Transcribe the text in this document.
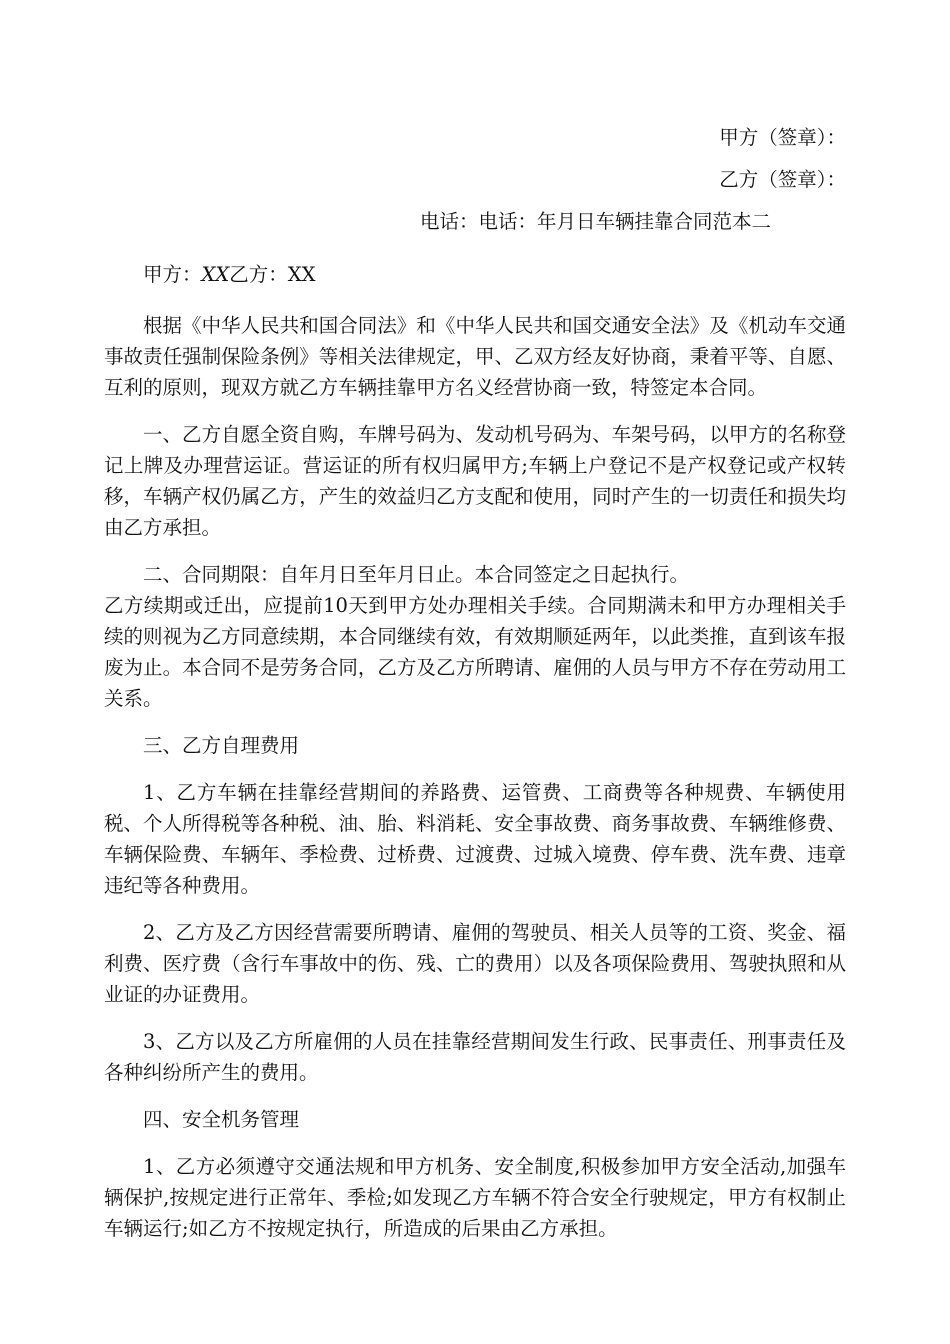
甲方（签章）：
乙方（签章）：
电话：电话：年月日车辆挂靠合同范本二
甲方：XX乙方：XX

根据《中华人民共和国合同法》和《中华人民共和国交通安全法》及《机动车交通事故责任强制保险条例》等相关法律规定，甲、乙双方经友好协商，秉着平等、自愿、互利的原则，现双方就乙方车辆挂靠甲方名义经营协商一致，特签定本合同。

一、乙方自愿全资自购，车牌号码为、发动机号码为、车架号码，以甲方的名称登记上牌及办理营运证。营运证的所有权归属甲方;车辆上户登记不是产权登记或产权转移，车辆产权仍属乙方，产生的效益归乙方支配和使用，同时产生的一切责任和损失均由乙方承担。

二、合同期限：自年月日至年月日止。本合同签定之日起执行。

乙方续期或迁出，应提前10天到甲方处办理相关手续。合同期满未和甲方办理相关手续的则视为乙方同意续期，本合同继续有效，有效期顺延两年，以此类推，直到该车报废为止。本合同不是劳务合同，乙方及乙方所聘请、雇佣的人员与甲方不存在劳动用工关系。

三、乙方自理费用

1、乙方车辆在挂靠经营期间的养路费、运管费、工商费等各种规费、车辆使用税、个人所得税等各种税、油、胎、料消耗、安全事故费、商务事故费、车辆维修费、车辆保险费、车辆年、季检费、过桥费、过渡费、过城入境费、停车费、洗车费、违章违纪等各种费用。

2、乙方及乙方因经营需要所聘请、雇佣的驾驶员、相关人员等的工资、奖金、福利费、医疗费（含行车事故中的伤、残、亡的费用）以及各项保险费用、驾驶执照和从业证的办证费用。

3、乙方以及乙方所雇佣的人员在挂靠经营期间发生行政、民事责任、刑事责任及各种纠纷所产生的费用。

四、安全机务管理

1、乙方必须遵守交通法规和甲方机务、安全制度,积极参加甲方安全活动,加强车辆保护,按规定进行正常年、季检;如发现乙方车辆不符合安全行驶规定，甲方有权制止车辆运行;如乙方不按规定执行，所造成的后果由乙方承担。
